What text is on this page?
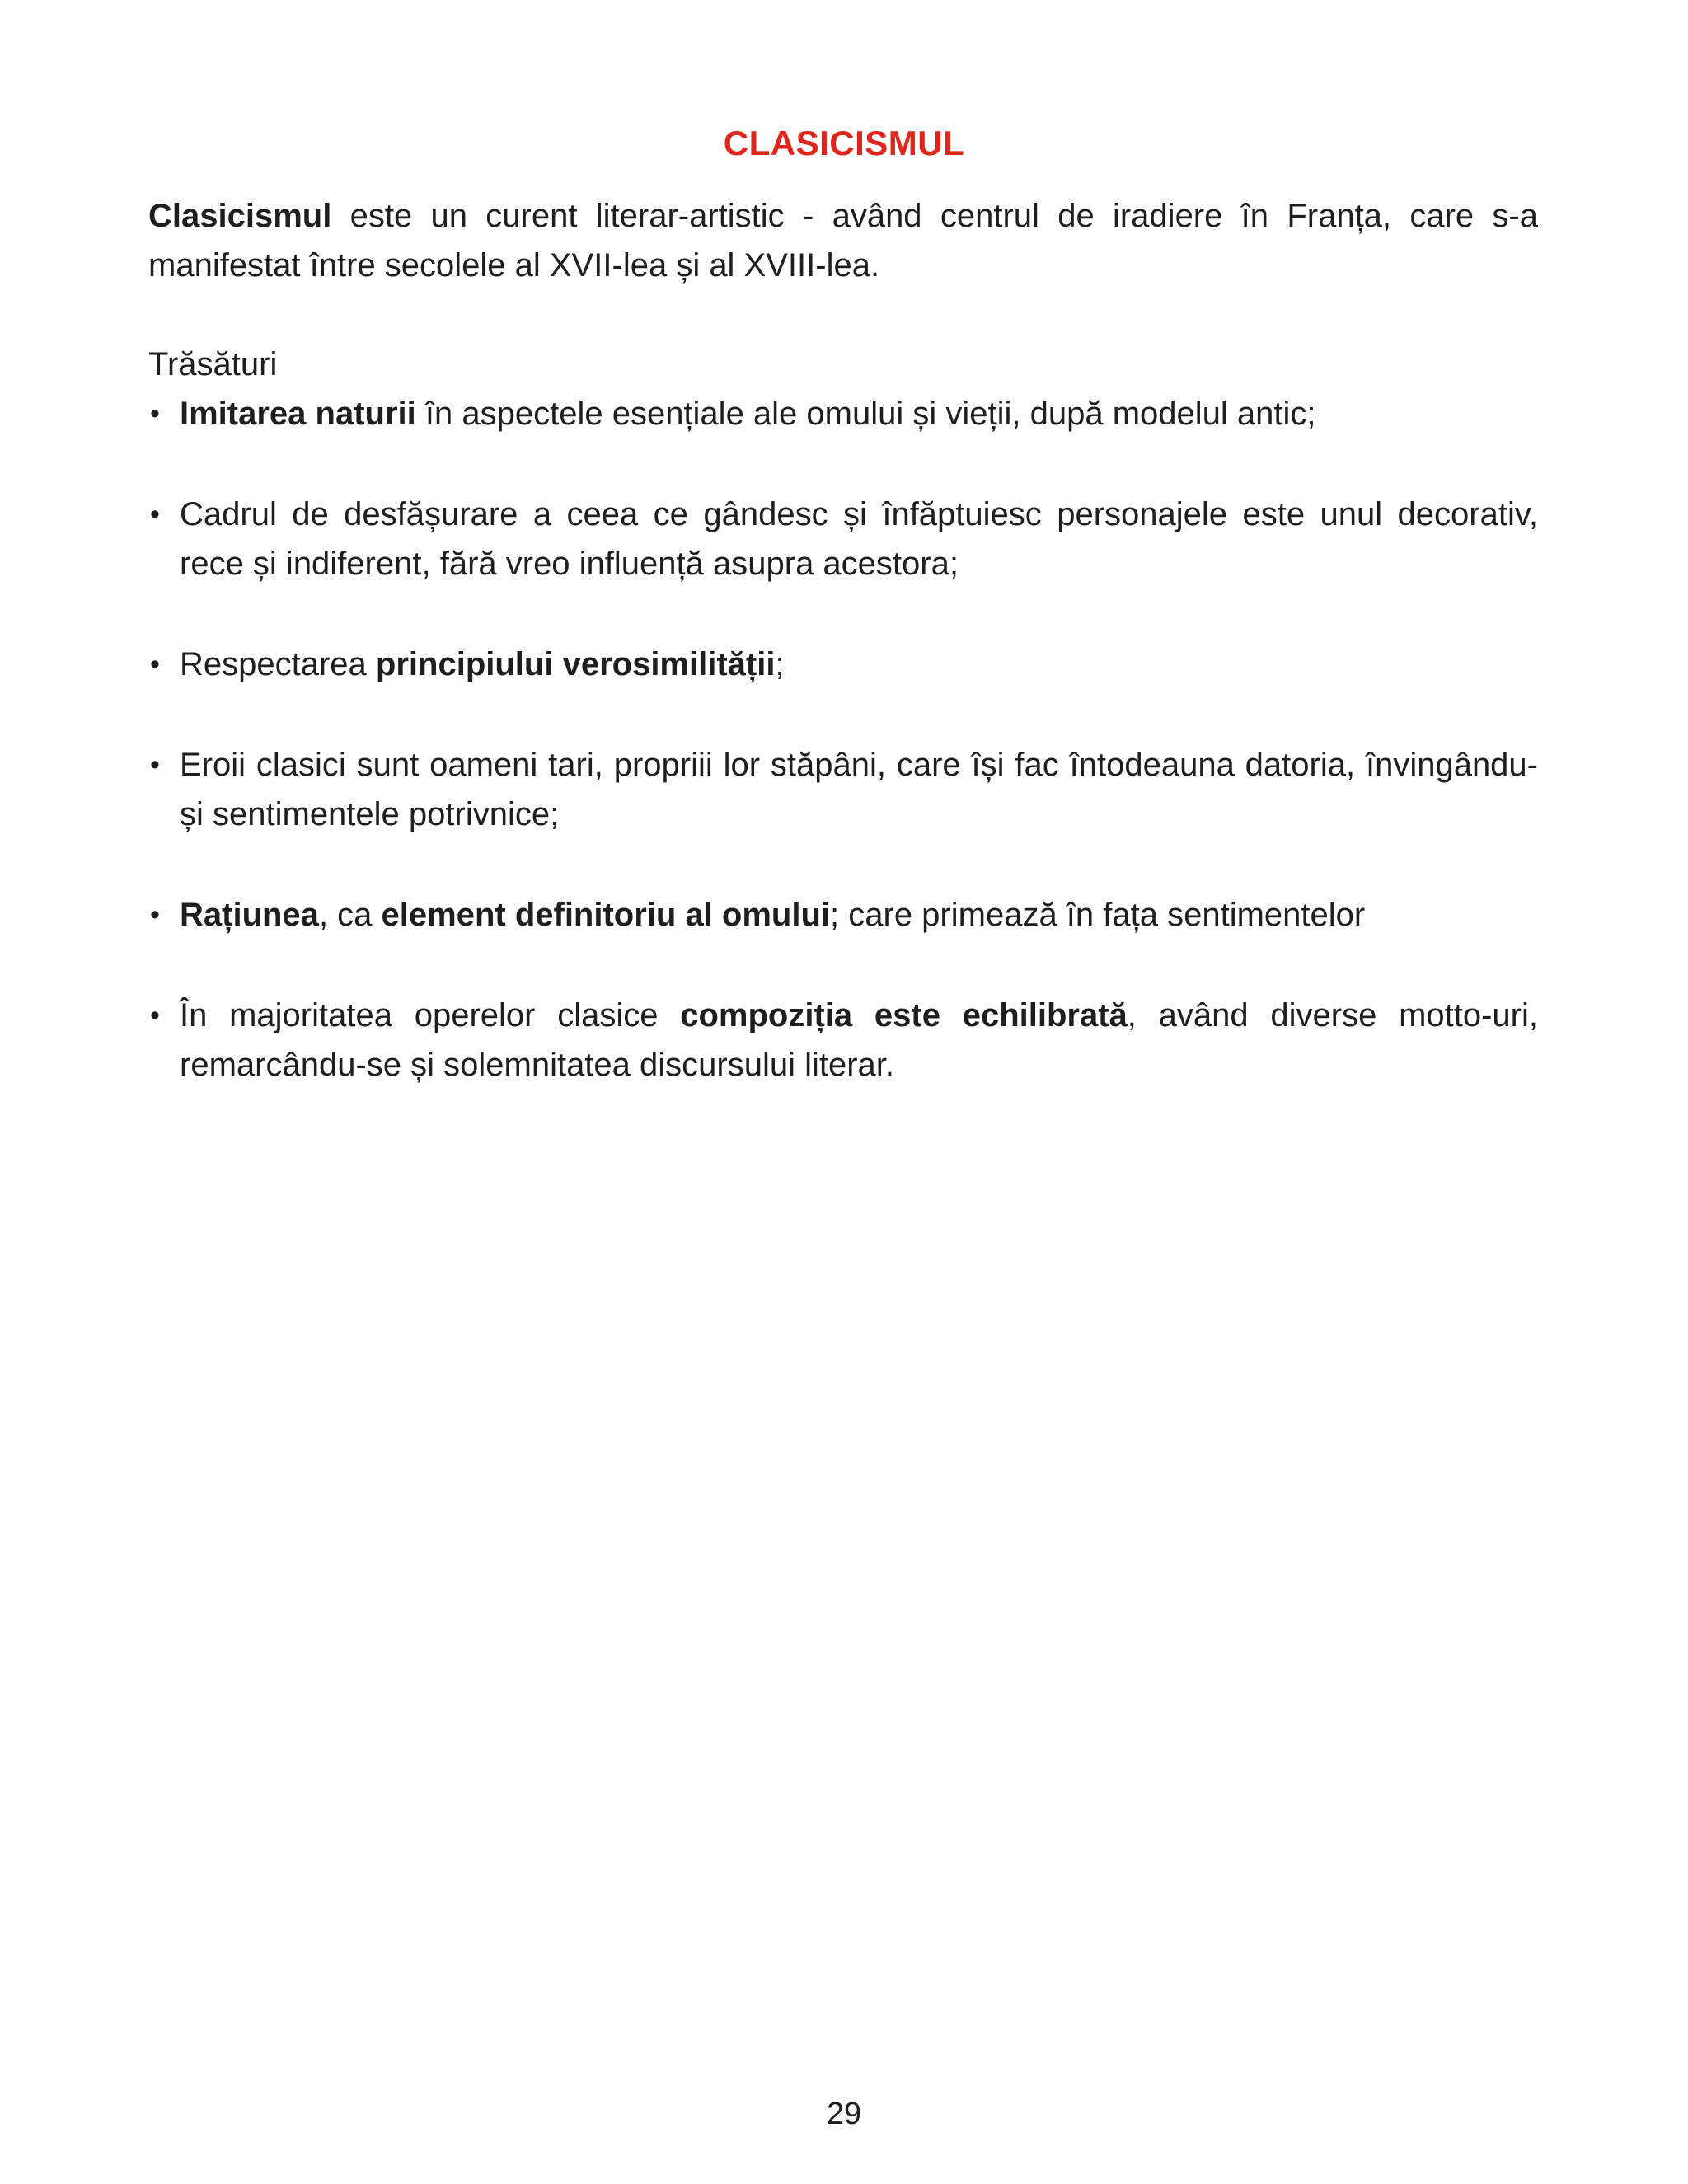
CLASICISMUL

Clasicismul este un curent literar-artistic - având centrul de iradiere în Franța, care s-a manifestat între secolele al XVII-lea și al XVIII-lea.

Trăsături

• Imitarea naturii în aspectele esențiale ale omului și vieții, după modelul antic;
• Cadrul de desfășurare a ceea ce gândesc și înfăptuiesc personajele este unul decorativ, rece și indiferent, fără vreo influență asupra acestora;
• Respectarea principiului verosimilității;
• Eroii clasici sunt oameni tari, propriii lor stăpâni, care își fac întodeauna datoria, învingându-și sentimentele potrivnice;
• Rațiunea, ca element definitoriu al omului; care primează în fața sentimentelor
• În majoritatea operelor clasice compoziția este echilibrată, având diverse motto-uri, remarcându-se și solemnitatea discursului literar.
29
